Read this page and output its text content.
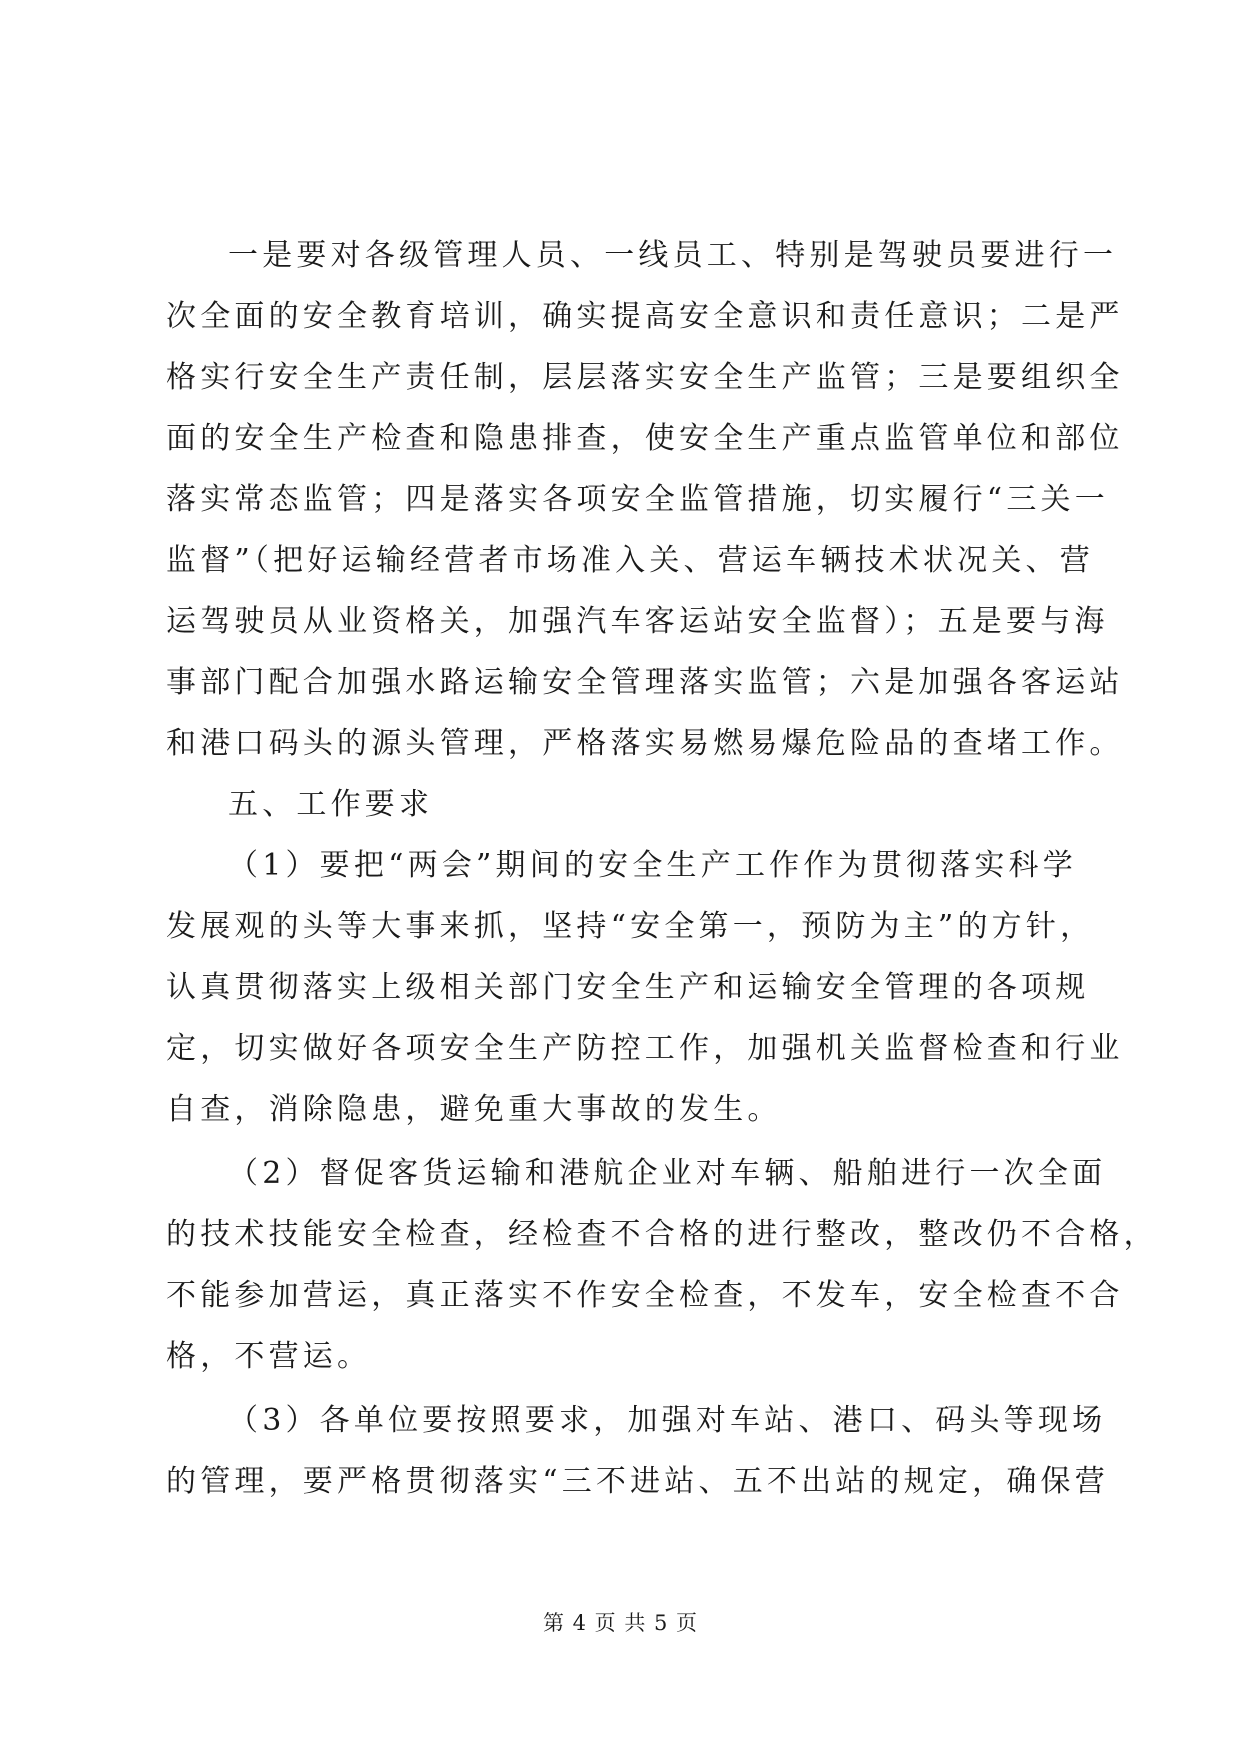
一是要对各级管理人员、一线员工、特别是驾驶员要进行一
次全面的安全教育培训，确实提高安全意识和责任意识；二是严
格实行安全生产责任制，层层落实安全生产监管；三是要组织全
面的安全生产检查和隐患排查，使安全生产重点监管单位和部位
落实常态监管；四是落实各项安全监管措施，切实履行“三关一
监督”（把好运输经营者市场准入关、营运车辆技术状况关、营
运驾驶员从业资格关，加强汽车客运站安全监督）；五是要与海
事部门配合加强水路运输安全管理落实监管；六是加强各客运站
和港口码头的源头管理，严格落实易燃易爆危险品的查堵工作。
五、工作要求
（1）要把“两会”期间的安全生产工作作为贯彻落实科学
发展观的头等大事来抓，坚持“安全第一，预防为主”的方针，
认真贯彻落实上级相关部门安全生产和运输安全管理的各项规
定，切实做好各项安全生产防控工作，加强机关监督检查和行业
自查，消除隐患，避免重大事故的发生。
（2）督促客货运输和港航企业对车辆、船舶进行一次全面
的技术技能安全检查，经检查不合格的进行整改，整改仍不合格，
不能参加营运，真正落实不作安全检查，不发车，安全检查不合
格，不营运。
（3）各单位要按照要求，加强对车站、港口、码头等现场
的管理，要严格贯彻落实“三不进站、五不出站的规定，确保营
第 4 页 共 5 页
